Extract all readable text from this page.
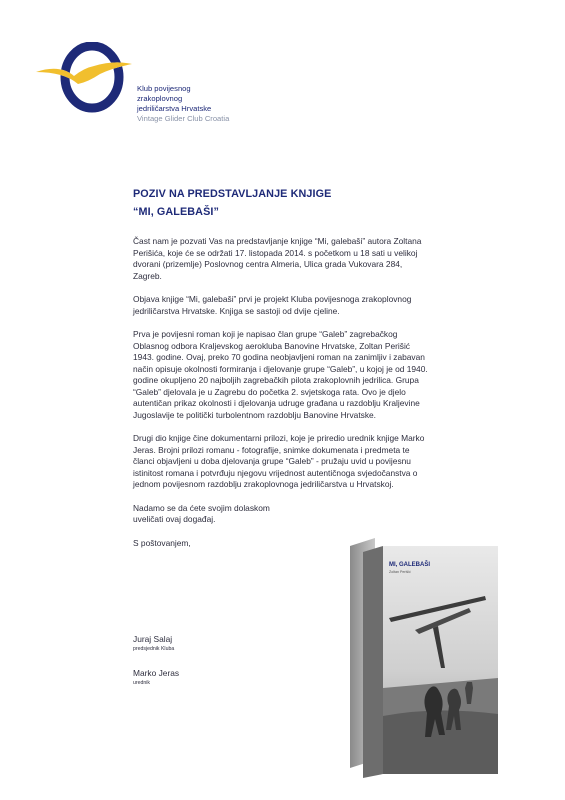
Klub povijesnog
zrakoplovnog
jedriličarstva Hrvatske
Vintage Glider Club Croatia
POZIV NA PREDSTAVLJANJE KNJIGE
“MI, GALEBAŠI”

Čast nam je pozvati Vas na predstavljanje knjige “Mi, galebaši” autora Zoltana Perišića, koje će se održati 17. listopada 2014. s početkom u 18 sati u velikoj dvorani (prizemlje) Poslovnog centra Almeria, Ulica grada Vukovara 284, Zagreb.

Objava knjige “Mi, galebaši” prvi je projekt Kluba povijesnoga zrakoplovnog jedriličarstva Hrvatske. Knjiga se sastoji od dvije cjeline.

Prva je povijesni roman koji je napisao član grupe “Galeb” zagrebačkog Oblasnog odbora Kraljevskog aerokluba Banovine Hrvatske, Zoltan Perišić 1943. godine. Ovaj, preko 70 godina neobjavljeni roman na zanimljiv i zabavan način opisuje okolnosti formiranja i djelovanje grupe “Galeb”, u kojoj je od 1940. godine okupljeno 20 najboljih zagrebačkih pilota zrakoplovnih jedrilica. Grupa “Galeb” djelovala je u Zagrebu do početka 2. svjetskoga rata. Ovo je djelo autentičan prikaz okolnosti i djelovanja udruge građana u razdoblju Kraljevine Jugoslavije te politički turbolentnom razdoblju Banovine Hrvatske.

Drugi dio knjige čine dokumentarni prilozi, koje je priredio urednik knjige Marko Jeras. Brojni prilozi romanu - fotografije, snimke dokumenata i predmeta te članci objavljeni u doba djelovanja grupe “Galeb” - pružaju uvid u povijesnu istinitost romana i potvrđuju njegovu vrijednost autentičnoga svjedočanstva o jednom povijesnom razdoblju zrakoplovnoga jedriličarstva u Hrvatskoj.

Nadamo se da ćete svojim dolaskom uveličati ovaj događaj.

S poštovanjem,

Juraj Salaj
predsjednik Kluba
Marko Jeras
urednik
MI, GALEBAŠI
Zoltan Perišić
